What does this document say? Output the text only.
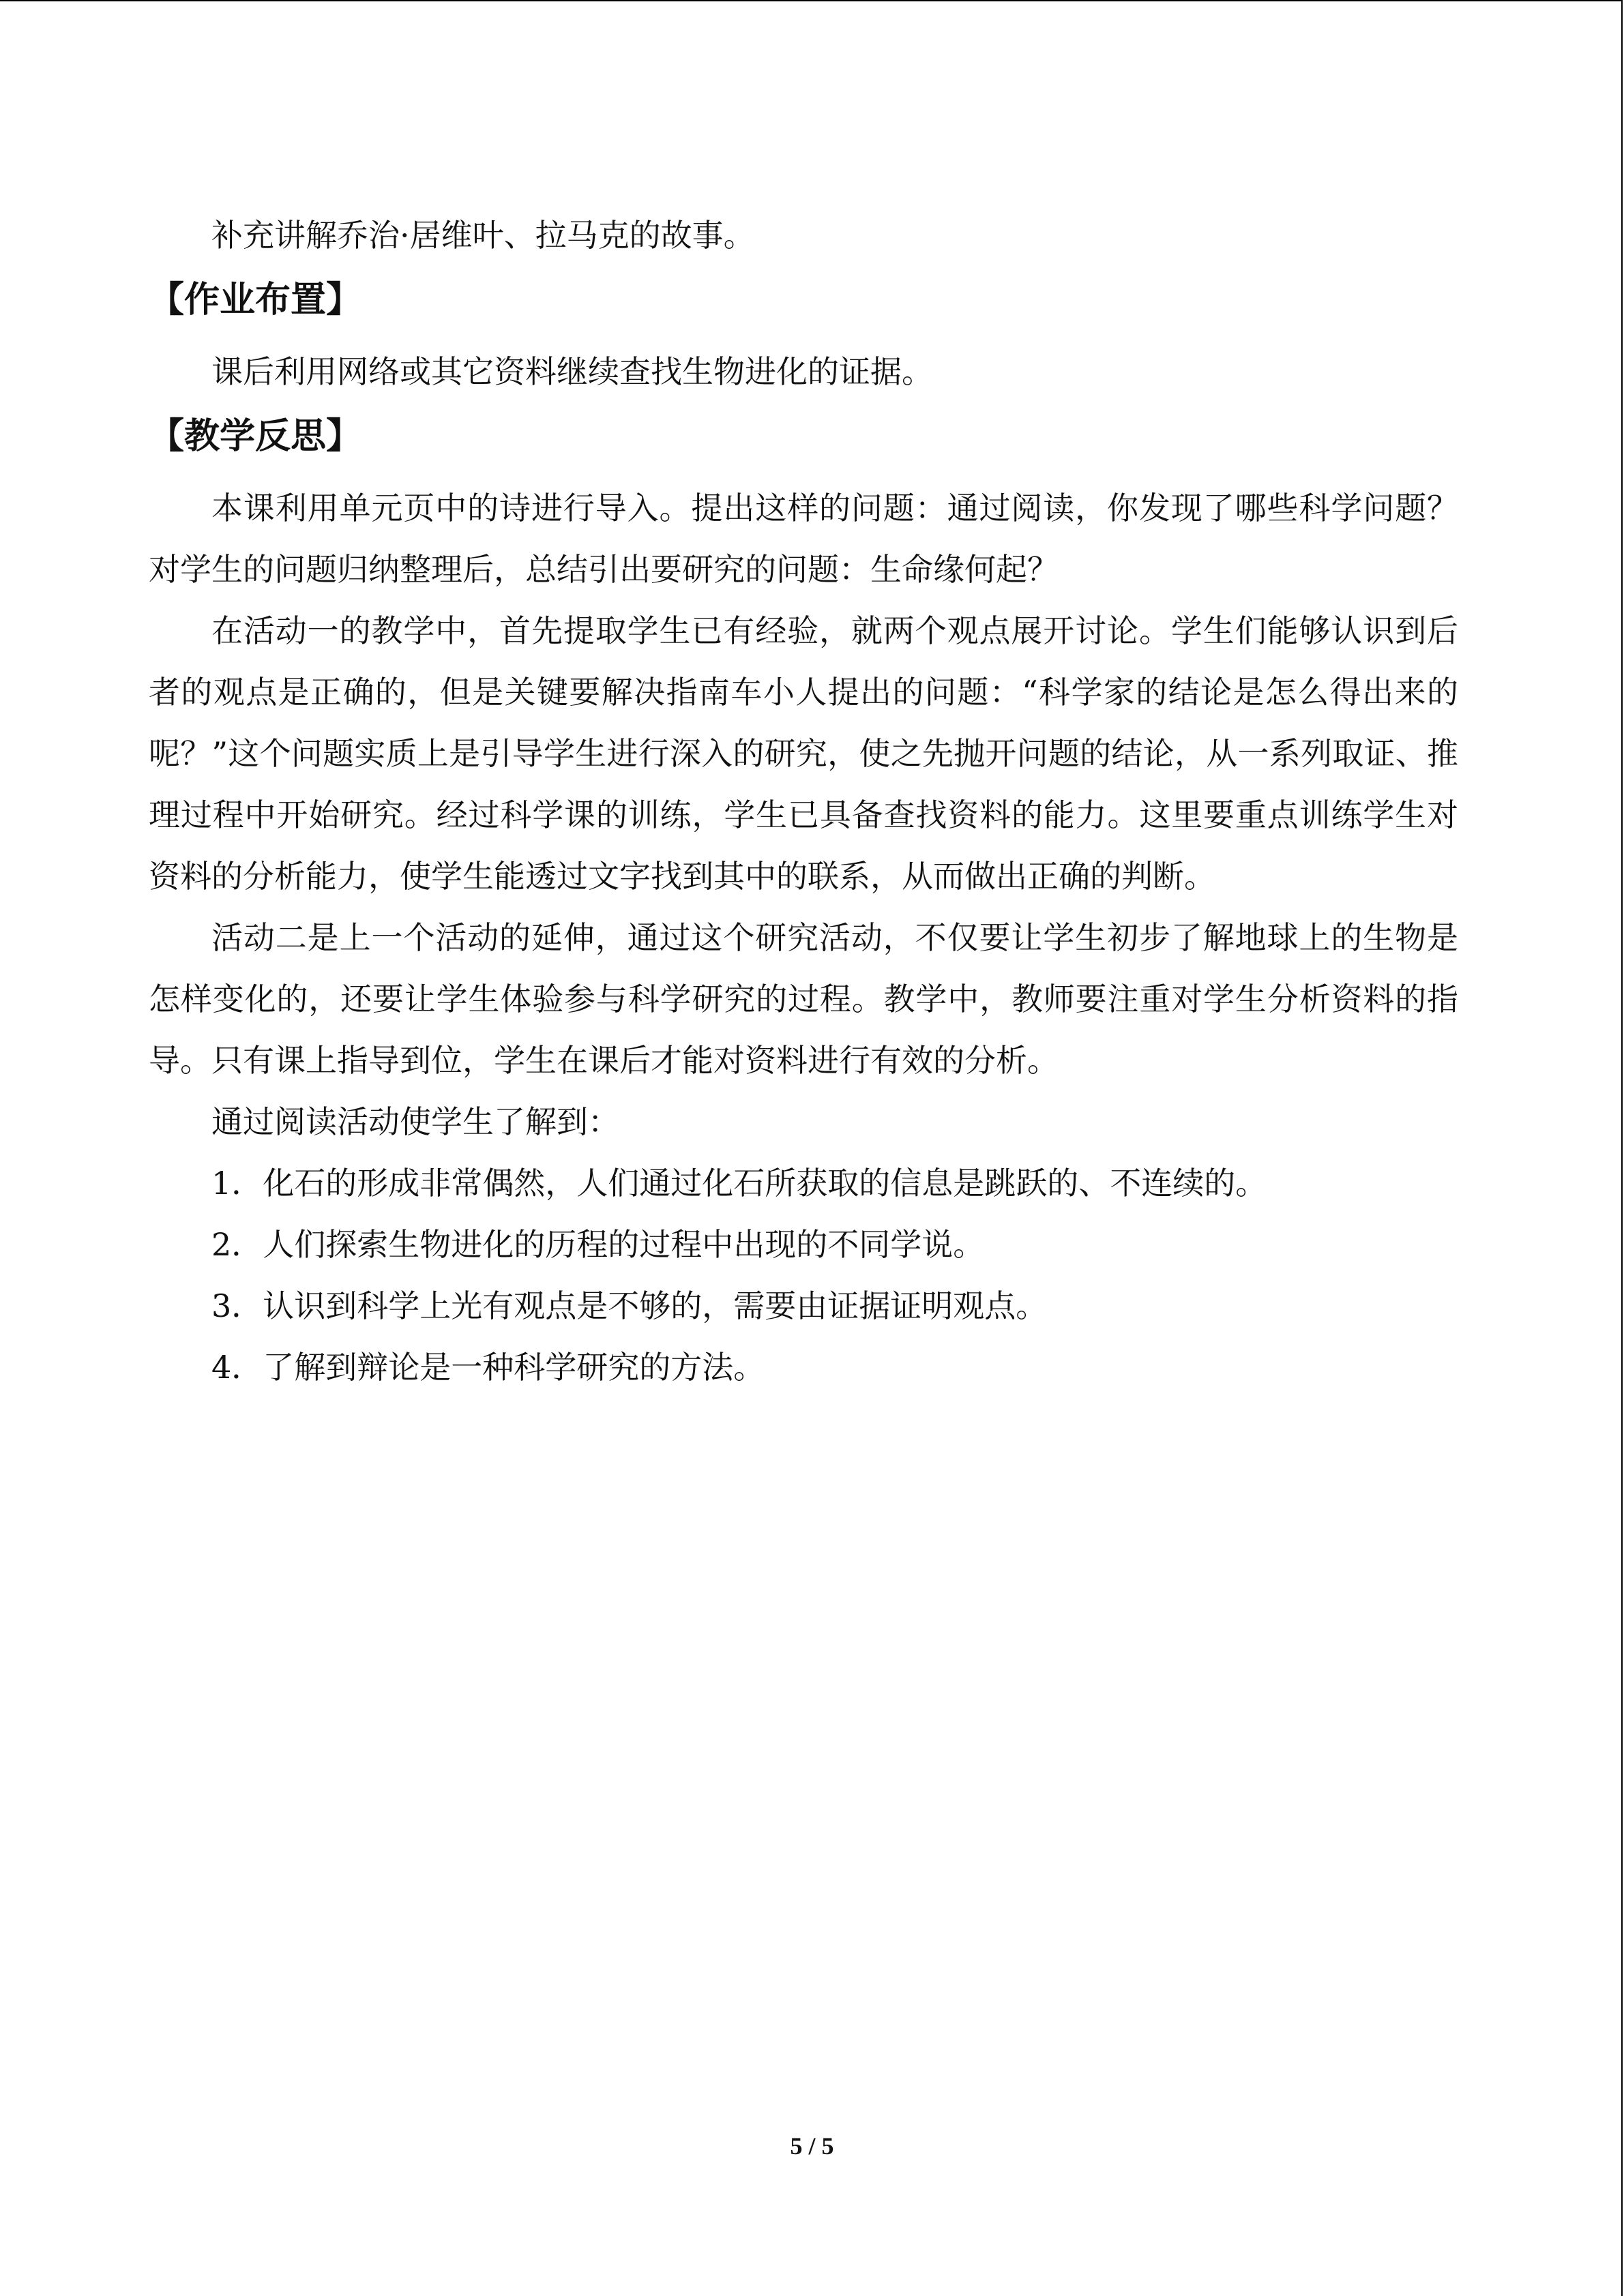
补充讲解乔治·居维叶、拉马克的故事。

【作业布置】

课后利用网络或其它资料继续查找生物进化的证据。

【教学反思】

本课利用单元页中的诗进行导入。提出这样的问题：通过阅读，你发现了哪些科学问题？对学生的问题归纳整理后，总结引出要研究的问题：生命缘何起？

在活动一的教学中，首先提取学生已有经验，就两个观点展开讨论。学生们能够认识到后者的观点是正确的，但是关键要解决指南车小人提出的问题：“科学家的结论是怎么得出来的呢？”这个问题实质上是引导学生进行深入的研究，使之先抛开问题的结论，从一系列取证、推理过程中开始研究。经过科学课的训练，学生已具备查找资料的能力。这里要重点训练学生对资料的分析能力，使学生能透过文字找到其中的联系，从而做出正确的判断。

活动二是上一个活动的延伸，通过这个研究活动，不仅要让学生初步了解地球上的生物是怎样变化的，还要让学生体验参与科学研究的过程。教学中，教师要注重对学生分析资料的指导。只有课上指导到位，学生在课后才能对资料进行有效的分析。

通过阅读活动使学生了解到：

1．化石的形成非常偶然，人们通过化石所获取的信息是跳跃的、不连续的。

2．人们探索生物进化的历程的过程中出现的不同学说。

3．认识到科学上光有观点是不够的，需要由证据证明观点。

4．了解到辩论是一种科学研究的方法。

5 / 5
